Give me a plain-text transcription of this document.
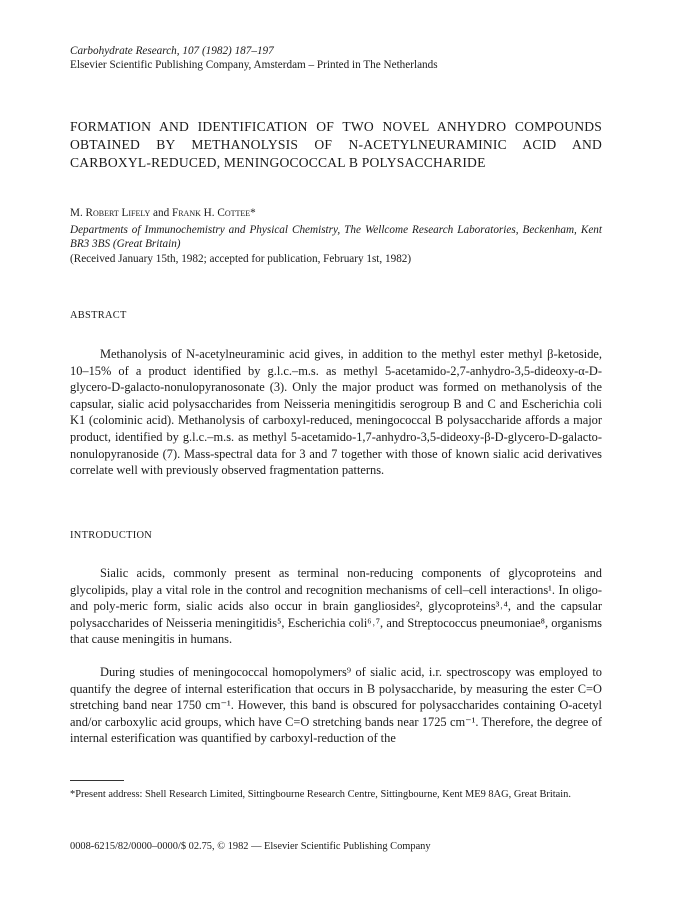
Carbohydrate Research, 107 (1982) 187–197
Elsevier Scientific Publishing Company, Amsterdam – Printed in The Netherlands
FORMATION AND IDENTIFICATION OF TWO NOVEL ANHYDRO COMPOUNDS OBTAINED BY METHANOLYSIS OF N-ACETYLNEURAMINIC ACID AND CARBOXYL-REDUCED, MENINGOCOCCAL B POLYSACCHARIDE
M. Robert Lifely and Frank H. Cottee*
Departments of Immunochemistry and Physical Chemistry, The Wellcome Research Laboratories, Beckenham, Kent BR3 3BS (Great Britain)
(Received January 15th, 1982; accepted for publication, February 1st, 1982)
ABSTRACT
Methanolysis of N-acetylneuraminic acid gives, in addition to the methyl ester methyl β-ketoside, 10–15% of a product identified by g.l.c.–m.s. as methyl 5-acetamido-2,7-anhydro-3,5-dideoxy-α-D-glycero-D-galacto-nonulopyranosonate (3). Only the major product was formed on methanolysis of the capsular, sialic acid polysaccharides from Neisseria meningitidis serogroup B and C and Escherichia coli K1 (colominic acid). Methanolysis of carboxyl-reduced, meningococcal B polysaccharide affords a major product, identified by g.l.c.–m.s. as methyl 5-acetamido-1,7-anhydro-3,5-dideoxy-β-D-glycero-D-galacto-nonulopyranoside (7). Mass-spectral data for 3 and 7 together with those of known sialic acid derivatives correlate well with previously observed fragmentation patterns.
INTRODUCTION
Sialic acids, commonly present as terminal non-reducing components of glycoproteins and glycolipids, play a vital role in the control and recognition mechanisms of cell–cell interactions¹. In oligo- and poly-meric form, sialic acids also occur in brain gangliosides², glycoproteins³˒⁴, and the capsular polysaccharides of Neisseria meningitidis⁵, Escherichia coli⁶˒⁷, and Streptococcus pneumoniae⁸, organisms that cause meningitis in humans.
During studies of meningococcal homopolymers⁹ of sialic acid, i.r. spectroscopy was employed to quantify the degree of internal esterification that occurs in B polysaccharide, by measuring the ester C=O stretching band near 1750 cm⁻¹. However, this band is obscured for polysaccharides containing O-acetyl and/or carboxylic acid groups, which have C=O stretching bands near 1725 cm⁻¹. Therefore, the degree of internal esterification was quantified by carboxyl-reduction of the
*Present address: Shell Research Limited, Sittingbourne Research Centre, Sittingbourne, Kent ME9 8AG, Great Britain.
0008-6215/82/0000–0000/$ 02.75, © 1982 — Elsevier Scientific Publishing Company
